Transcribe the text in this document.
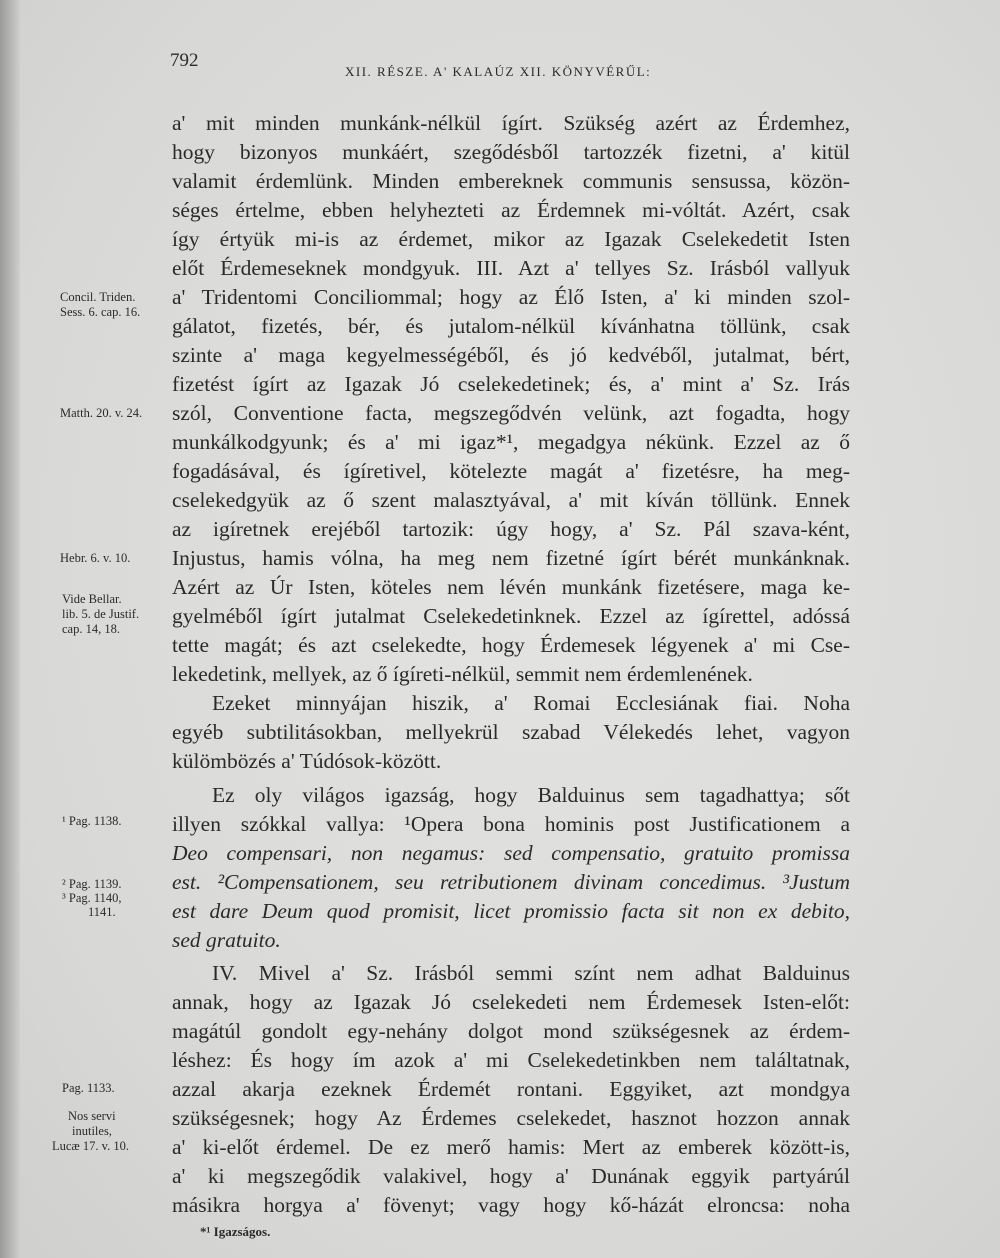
792
XII. RÉSZE. A' KALAÚZ XII. KÖNYVÉRŰL:
a' mit minden munkánk-nélkül ígírt. Szükség azért az Érdemhez,
hogy bizonyos munkáért, szegődésből tartozzék fizetni, a' kitül
valamit érdemlünk. Minden embereknek communis sensussa, közön-
séges értelme, ebben helyhezteti az Érdemnek mi-vóltát. Azért, csak
így értyük mi-is az érdemet, mikor az Igazak Cselekedetit Isten
előt Érdemeseknek mondgyuk. III. Azt a' tellyes Sz. Irásból vallyuk
a' Tridentomi Conciliommal; hogy az Élő Isten, a' ki minden szol-
gálatot, fizetés, bér, és jutalom-nélkül kívánhatna töllünk, csak
szinte a' maga kegyelmességéből, és jó kedvéből, jutalmat, bért,
fizetést ígírt az Igazak Jó cselekedetinek; és, a' mint a' Sz. Irás
szól, Conventione facta, megszegődvén velünk, azt fogadta, hogy
munkálkodgyunk; és a' mi igaz*¹, megadgya nékünk. Ezzel az ő
fogadásával, és ígíretivel, kötelezte magát a' fizetésre, ha meg-
cselekedgyük az ő szent malasztyával, a' mit kíván töllünk. Ennek
az igíretnek erejéből tartozik: úgy hogy, a' Sz. Pál szava-ként,
Injustus, hamis vólna, ha meg nem fizetné ígírt bérét munkánknak.
Azért az Úr Isten, köteles nem lévén munkánk fizetésere, maga ke-
gyelméből ígírt jutalmat Cselekedetinknek. Ezzel az ígírettel, adóssá
tette magát; és azt cselekedte, hogy Érdemesek légyenek a' mi Cse-
lekedetink, mellyek, az ő ígíreti-nélkül, semmit nem érdemlenének.
Ezeket minnyájan hiszik, a' Romai Ecclesiának fiai. Noha
egyéb subtilitásokban, mellyekrül szabad Vélekedés lehet, vagyon
külömbözés a' Túdósok-között.
Ez oly világos igazság, hogy Balduinus sem tagadhattya; sőt
illyen szókkal vallya: ¹Opera bona hominis post Justificationem a
Deo compensari, non negamus: sed compensatio, gratuito promissa
est. ²Compensationem, seu retributionem divinam concedimus. ³Justum
est dare Deum quod promisit, licet promissio facta sit non ex debito,
sed gratuito.
IV. Mivel a' Sz. Irásból semmi színt nem adhat Balduinus
annak, hogy az Igazak Jó cselekedeti nem Érdemesek Isten-előt:
magátúl gondolt egy-nehány dolgot mond szükségesnek az érdem-
léshez: És hogy ím azok a' mi Cselekedetinkben nem találtatnak,
azzal akarja ezeknek Érdemét rontani. Eggyiket, azt mondgya
szükségesnek; hogy Az Érdemes cselekedet, hasznot hozzon annak
a' ki-előt érdemel. De ez merő hamis: Mert az emberek között-is,
a' ki megszegődik valakivel, hogy a' Dunának eggyik partyárúl
másikra horgya a' fövenyt; vagy hogy kő-házát elroncsa: noha
Concil. Triden.
Sess. 6. cap. 16.
Matth. 20. v. 24.
Hebr. 6. v. 10.
Vide Bellar.
lib. 5. de Justif.
cap. 14, 18.
¹ Pag. 1138.
² Pag. 1139.
³ Pag. 1140,
1141.
Pag. 1133.
Nos servi
inutiles,
Lucæ 17. v. 10.
*¹ Igazságos.
